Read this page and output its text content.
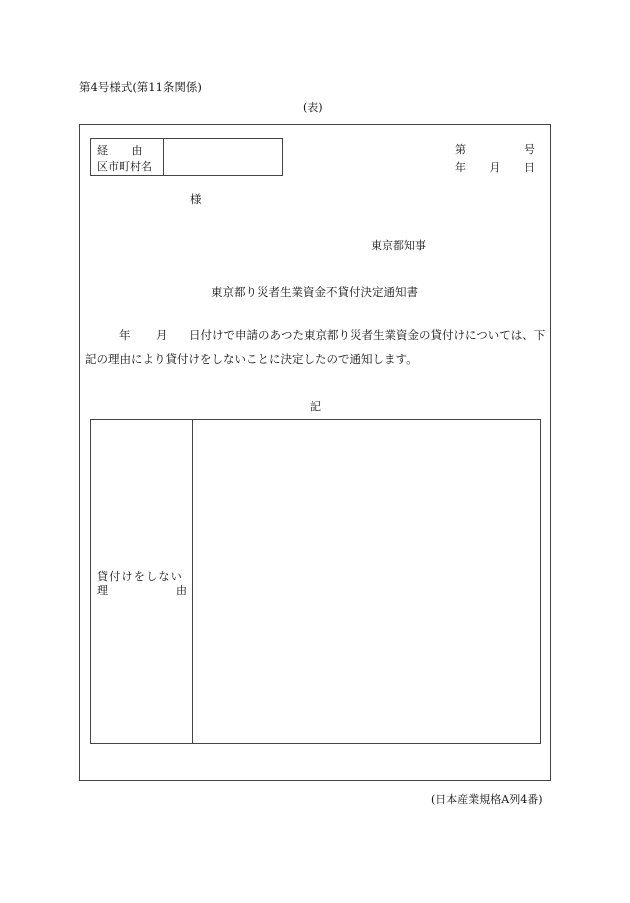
第4号様式(第11条関係)
(表)
経　　由
区市町村名
第	号
年 月 日
様
東京都知事
東京都り災者生業資金不貸付決定通知書
年 月 日付けで申請のあつた東京都り災者生業資金の貸付けについては、下
記の理由により貸付けをしないことに決定したので通知します。
記
貸付けをしない
理	由
(日本産業規格A列4番)
